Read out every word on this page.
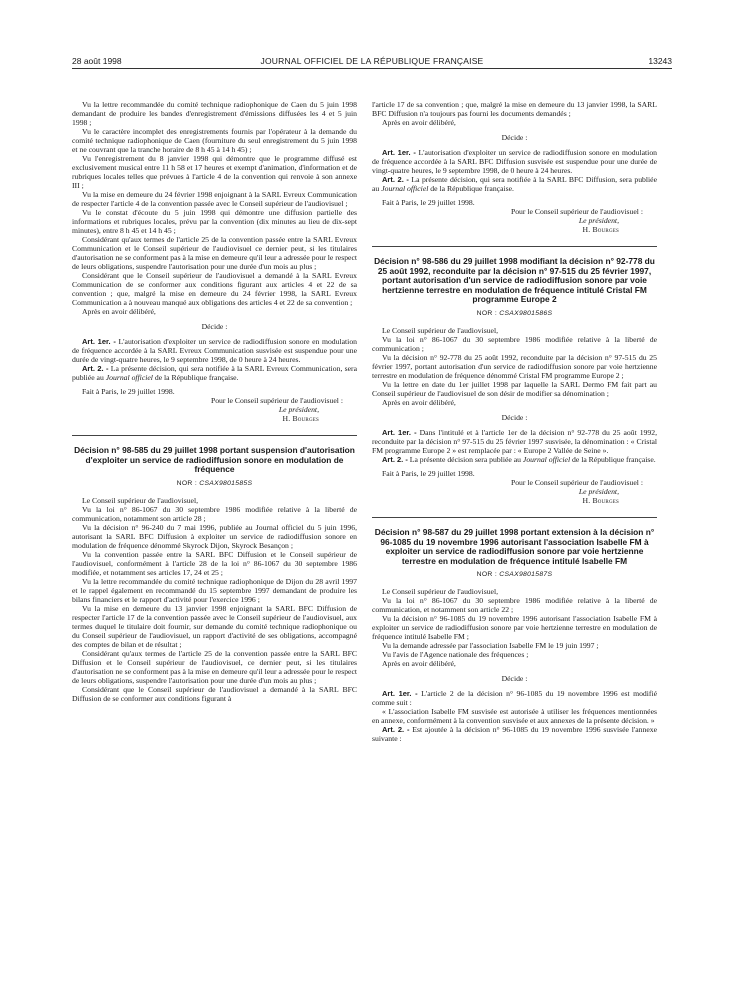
28 août 1998	JOURNAL OFFICIEL DE LA RÉPUBLIQUE FRANÇAISE	13243

Vu la lettre recommandée du comité technique radiophonique de Caen du 5 juin 1998 demandant de produire les bandes d'enregistrement d'émissions diffusées les 4 et 5 juin 1998 ;

Vu le caractère incomplet des enregistrements fournis par l'opérateur à la demande du comité technique radiophonique de Caen (fourniture du seul enregistrement du 5 juin 1998 et ne couvrant que la tranche horaire de 8 h 45 à 14 h 45) ;

Vu l'enregistrement du 8 janvier 1998 qui démontre que le programme diffusé est exclusivement musical entre 11 h 58 et 17 heures et exempt d'animation, d'information et de rubriques locales telles que prévues à l'article 4 de la convention qui renvoie à son annexe III ;

Vu la mise en demeure du 24 février 1998 enjoignant à la SARL Evreux Communication de respecter l'article 4 de la convention passée avec le Conseil supérieur de l'audiovisuel ;

Vu le constat d'écoute du 5 juin 1998 qui démontre une diffusion partielle des informations et rubriques locales, prévu par la convention (dix minutes au lieu de dix-sept minutes), entre 8 h 45 et 14 h 45 ;

Considérant qu'aux termes de l'article 25 de la convention passée entre la SARL Evreux Communication et le Conseil supérieur de l'audiovisuel ce dernier peut, si les titulaires d'autorisation ne se conforment pas à la mise en demeure qu'il leur a adressée pour le respect de leurs obligations, suspendre l'autorisation pour une durée d'un mois au plus ;

Considérant que le Conseil supérieur de l'audiovisuel a demandé à la SARL Evreux Communication de se conformer aux conditions figurant aux articles 4 et 22 de sa convention ; que, malgré la mise en demeure du 24 février 1998, la SARL Evreux Communication a à nouveau manqué aux obligations des articles 4 et 22 de sa convention ;

Après en avoir délibéré,

Décide :

Art. 1er. - L'autorisation d'exploiter un service de radiodiffusion sonore en modulation de fréquence accordée à la SARL Evreux Communication susvisée est suspendue pour une durée de vingt-quatre heures, le 9 septembre 1998, de 0 heure à 24 heures.

Art. 2. - La présente décision, qui sera notifiée à la SARL Evreux Communication, sera publiée au Journal officiel de la République française.

Fait à Paris, le 29 juillet 1998.

Pour le Conseil supérieur de l'audiovisuel :

Le président,

H. Bourges

Décision n° 98-585 du 29 juillet 1998 portant suspension d'autorisation d'exploiter un service de radiodiffusion sonore en modulation de fréquence
NOR : CSAX9801585S

Le Conseil supérieur de l'audiovisuel,

Vu la loi n° 86-1067 du 30 septembre 1986 modifiée relative à la liberté de communication, notamment son article 28 ;

Vu la décision n° 96-240 du 7 mai 1996, publiée au Journal officiel du 5 juin 1996, autorisant la SARL BFC Diffusion à exploiter un service de radiodiffusion sonore en modulation de fréquence dénommé Skyrock Dijon, Skyrock Besançon ;

Vu la convention passée entre la SARL BFC Diffusion et le Conseil supérieur de l'audiovisuel, conformément à l'article 28 de la loi n° 86-1067 du 30 septembre 1986 modifiée, et notamment ses articles 17, 24 et 25 ;

Vu la lettre recommandée du comité technique radiophonique de Dijon du 28 avril 1997 et le rappel également en recommandé du 15 septembre 1997 demandant de produire les bilans financiers et le rapport d'activité pour l'exercice 1996 ;

Vu la mise en demeure du 13 janvier 1998 enjoignant la SARL BFC Diffusion de respecter l'article 17 de la convention passée avec le Conseil supérieur de l'audiovisuel, aux termes duquel le titulaire doit fournir, sur demande du comité technique radiophonique ou du Conseil supérieur de l'audiovisuel, un rapport d'activité de ses obligations, accompagné des comptes de bilan et de résultat ;

Considérant qu'aux termes de l'article 25 de la convention passée entre la SARL BFC Diffusion et le Conseil supérieur de l'audiovisuel, ce dernier peut, si les titulaires d'autorisation ne se conforment pas à la mise en demeure qu'il leur a adressée pour le respect de leurs obligations, suspendre l'autorisation pour une durée d'un mois au plus ;

Considérant que le Conseil supérieur de l'audiovisuel a demandé à la SARL BFC Diffusion de se conformer aux conditions figurant à

l'article 17 de sa convention ; que, malgré la mise en demeure du 13 janvier 1998, la SARL BFC Diffusion n'a toujours pas fourni les documents demandés ;

Après en avoir délibéré,

Décide :

Art. 1er. - L'autorisation d'exploiter un service de radiodiffusion sonore en modulation de fréquence accordée à la SARL BFC Diffusion susvisée est suspendue pour une durée de vingt-quatre heures, le 9 septembre 1998, de 0 heure à 24 heures.

Art. 2. - La présente décision, qui sera notifiée à la SARL BFC Diffusion, sera publiée au Journal officiel de la République française.

Fait à Paris, le 29 juillet 1998.

Pour le Conseil supérieur de l'audiovisuel :

Le président,

H. Bourges

Décision n° 98-586 du 29 juillet 1998 modifiant la décision n° 92-778 du 25 août 1992, reconduite par la décision n° 97-515 du 25 février 1997, portant autorisation d'un service de radiodiffusion sonore par voie hertzienne terrestre en modulation de fréquence intitulé Cristal FM programme Europe 2
NOR : CSAX9801586S

Le Conseil supérieur de l'audiovisuel,

Vu la loi n° 86-1067 du 30 septembre 1986 modifiée relative à la liberté de communication ;

Vu la décision n° 92-778 du 25 août 1992, reconduite par la décision n° 97-515 du 25 février 1997, portant autorisation d'un service de radiodiffusion sonore par voie hertzienne terrestre en modulation de fréquence dénommé Cristal FM programme Europe 2 ;

Vu la lettre en date du 1er juillet 1998 par laquelle la SARL Dermo FM fait part au Conseil supérieur de l'audiovisuel de son désir de modifier sa dénomination ;

Après en avoir délibéré,

Décide :

Art. 1er. - Dans l'intitulé et à l'article 1er de la décision n° 92-778 du 25 août 1992, reconduite par la décision n° 97-515 du 25 février 1997 susvisée, la dénomination : « Cristal FM programme Europe 2 » est remplacée par : « Europe 2 Vallée de Seine ».

Art. 2. - La présente décision sera publiée au Journal officiel de la République française.

Fait à Paris, le 29 juillet 1998.

Pour le Conseil supérieur de l'audiovisuel :

Le président,

H. Bourges

Décision n° 98-587 du 29 juillet 1998 portant extension à la décision n° 96-1085 du 19 novembre 1996 autorisant l'association Isabelle FM à exploiter un service de radiodiffusion sonore par voie hertzienne terrestre en modulation de fréquence intitulé Isabelle FM
NOR : CSAX9801587S

Le Conseil supérieur de l'audiovisuel,

Vu la loi n° 86-1067 du 30 septembre 1986 modifiée relative à la liberté de communication, et notamment son article 22 ;

Vu la décision n° 96-1085 du 19 novembre 1996 autorisant l'association Isabelle FM à exploiter un service de radiodiffusion sonore par voie hertzienne terrestre en modulation de fréquence intitulé Isabelle FM ;

Vu la demande adressée par l'association Isabelle FM le 19 juin 1997 ;

Vu l'avis de l'Agence nationale des fréquences ;

Après en avoir délibéré,

Décide :

Art. 1er. - L'article 2 de la décision n° 96-1085 du 19 novembre 1996 est modifié comme suit :

« L'association Isabelle FM susvisée est autorisée à utiliser les fréquences mentionnées en annexe, conformément à la convention susvisée et aux annexes de la présente décision. »

Art. 2. - Est ajoutée à la décision n° 96-1085 du 19 novembre 1996 susvisée l'annexe suivante :
